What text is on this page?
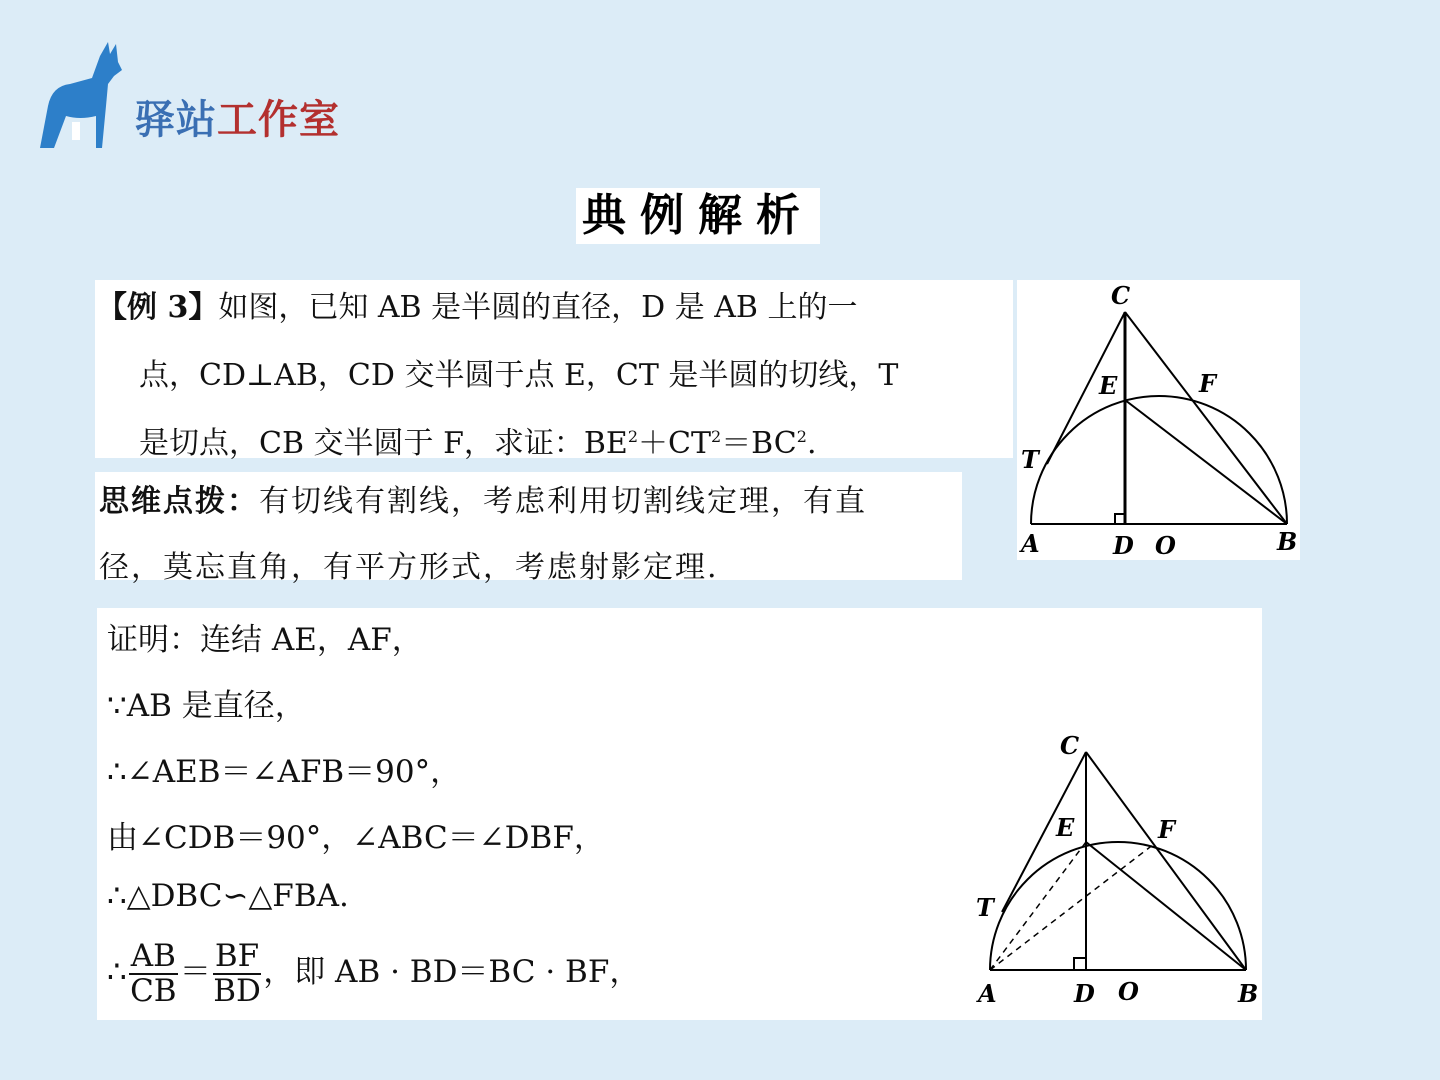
驿站工作室
典例解析

【例 3】如图，已知 AB 是半圆的直径，D 是 AB 上的一

点，CD⊥AB，CD 交半圆于点 E，CT 是半圆的切线，T

是切点，CB 交半圆于 F，求证：$BE^2+CT^2=BC^2$.

思维点拨：有切线有割线，考虑利用切割线定理，有直

径，莫忘直角，有平方形式，考虑射影定理.

C
E	F
T
A	D O	B

证明：连结 AE，AF，

∵AB 是直径，

∴∠AEB＝∠AFB＝90°，

由∠CDB＝90°，∠ABC＝∠DBF，

∴△DBC∽△FBA.

∴ $\frac{AB}{CB} = \frac{BF}{BD}$ ，即 AB · BD＝BC · BF，

C
E	F
T
A	D O	B
